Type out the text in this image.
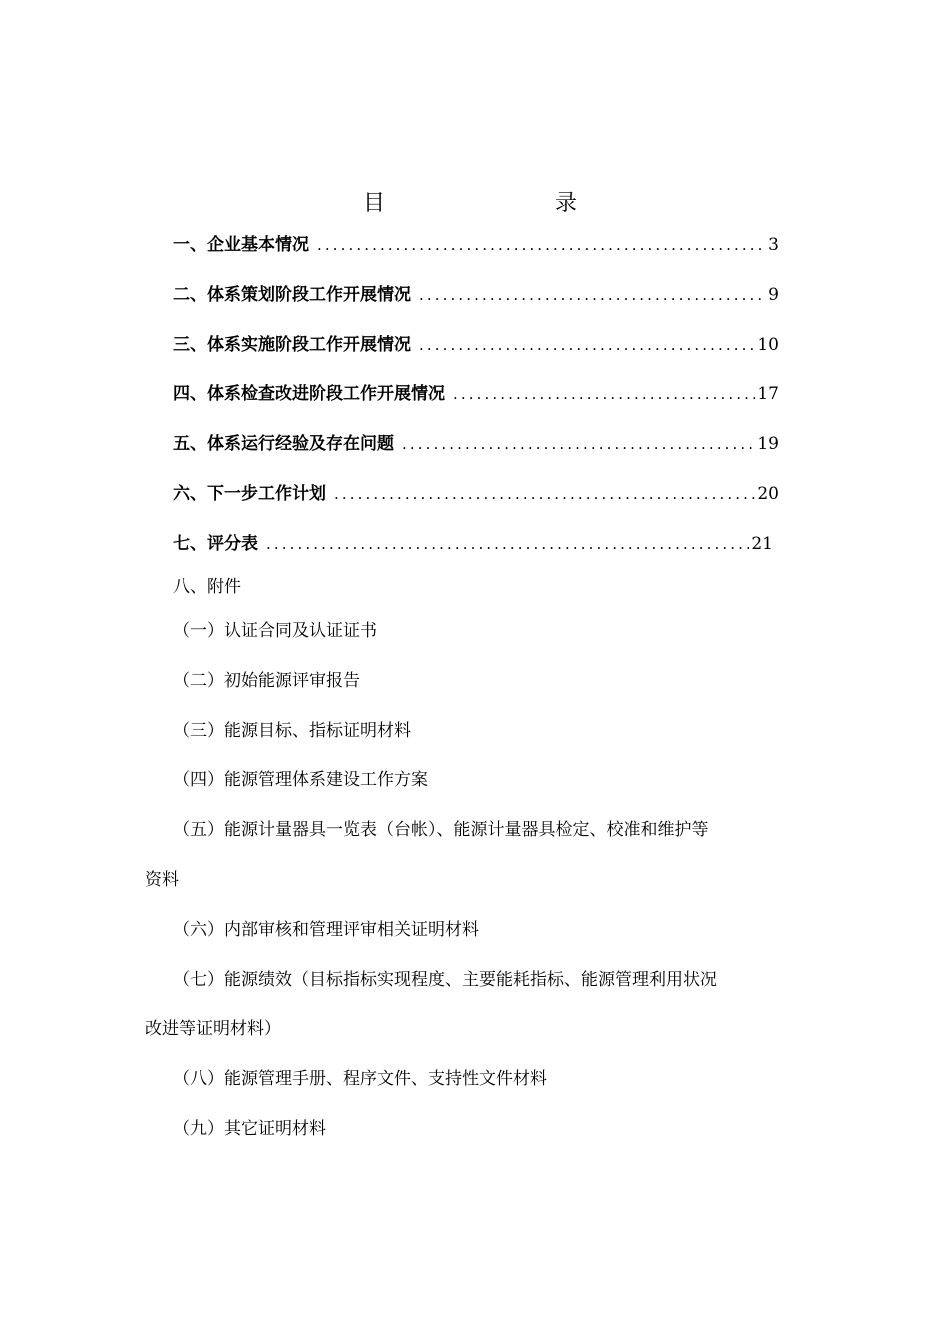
目　　录
一、企业基本情况 .....	3
二、体系策划阶段工作开展情况 .....	9
三、体系实施阶段工作开展情况 .....	10
四、体系检查改进阶段工作开展情况 .....	17
五、体系运行经验及存在问题 .....	19
六、下一步工作计划 .....	20
七、评分表 .....	21
八、附件
（一）认证合同及认证证书
（二）初始能源评审报告
（三）能源目标、指标证明材料
（四）能源管理体系建设工作方案
（五）能源计量器具一览表（台帐）、能源计量器具检定、校准和维护等
资料
（六）内部审核和管理评审相关证明材料
（七）能源绩效（目标指标实现程度、主要能耗指标、能源管理利用状况
改进等证明材料）
（八）能源管理手册、程序文件、支持性文件材料
（九）其它证明材料
